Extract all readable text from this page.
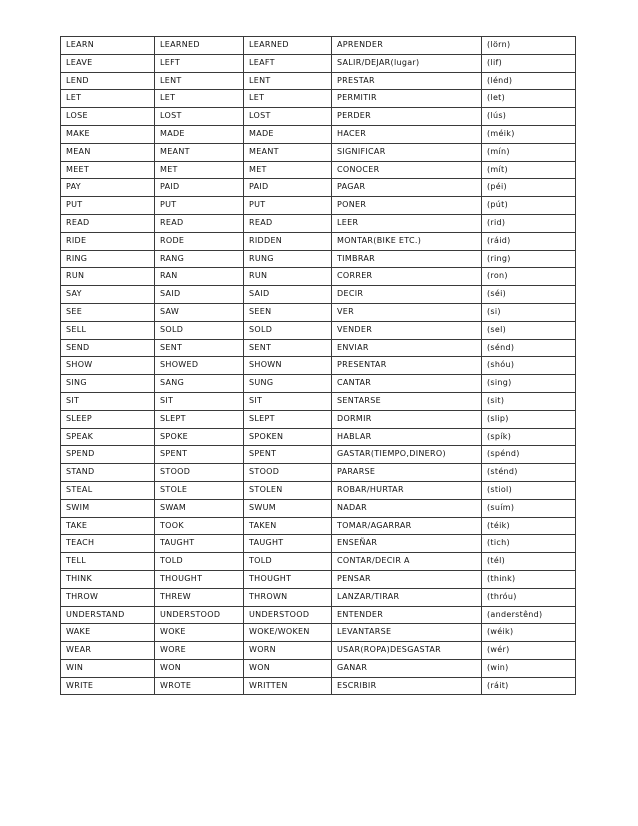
LEARN	LEARNED	LEARNED	APRENDER	(lörn)
LEAVE	LEFT	LEAFT	SALIR/DEJAR(lugar)	(lif)
LEND	LENT	LENT	PRESTAR	(lénd)
LET	LET	LET	PERMITIR	(let)
LOSE	LOST	LOST	PERDER	(lús)
MAKE	MADE	MADE	HACER	(méik)
MEAN	MEANT	MEANT	SIGNIFICAR	(mín)
MEET	MET	MET	CONOCER	(mít)
PAY	PAID	PAID	PAGAR	(péi)
PUT	PUT	PUT	PONER	(pút)
READ	READ	READ	LEER	(rid)
RIDE	RODE	RIDDEN	MONTAR(BIKE ETC.)	(ráid)
RING	RANG	RUNG	TIMBRAR	(ring)
RUN	RAN	RUN	CORRER	(ron)
SAY	SAID	SAID	DECIR	(séi)
SEE	SAW	SEEN	VER	(si)
SELL	SOLD	SOLD	VENDER	(sel)
SEND	SENT	SENT	ENVIAR	(sénd)
SHOW	SHOWED	SHOWN	PRESENTAR	(shóu)
SING	SANG	SUNG	CANTAR	(sing)
SIT	SIT	SIT	SENTARSE	(sit)
SLEEP	SLEPT	SLEPT	DORMIR	(slip)
SPEAK	SPOKE	SPOKEN	HABLAR	(spík)
SPEND	SPENT	SPENT	GASTAR(TIEMPO,DINERO)	(spénd)
STAND	STOOD	STOOD	PARARSE	(sténd)
STEAL	STOLE	STOLEN	ROBAR/HURTAR	(stiol)
SWIM	SWAM	SWUM	NADAR	(suím)
TAKE	TOOK	TAKEN	TOMAR/AGARRAR	(téik)
TEACH	TAUGHT	TAUGHT	ENSEÑAR	(tich)
TELL	TOLD	TOLD	CONTAR/DECIR A	(tél)
THINK	THOUGHT	THOUGHT	PENSAR	(think)
THROW	THREW	THROWN	LANZAR/TIRAR	(thróu)
UNDERSTAND	UNDERSTOOD	UNDERSTOOD	ENTENDER	(anderstênd)
WAKE	WOKE	WOKE/WOKEN	LEVANTARSE	(wéik)
WEAR	WORE	WORN	USAR(ROPA)DESGASTAR	(wér)
WIN	WON	WON	GANAR	(win)
WRITE	WROTE	WRITTEN	ESCRIBIR	(ráit)
